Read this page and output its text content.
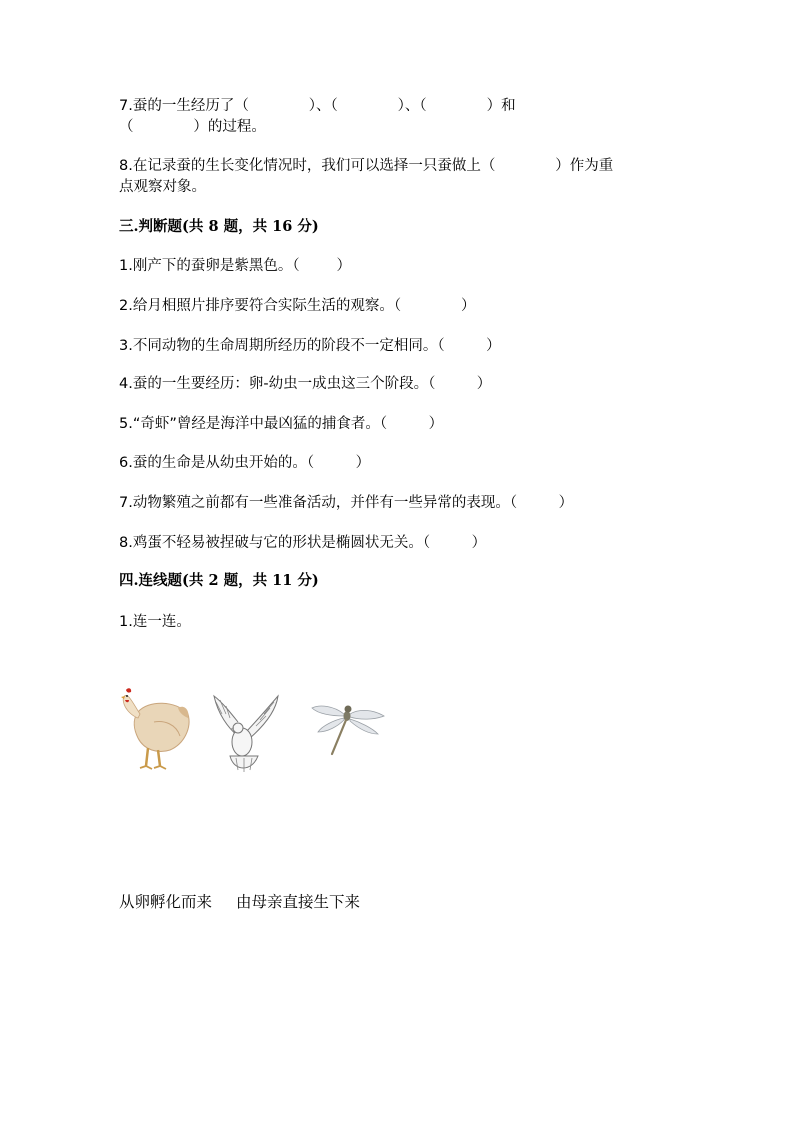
7.蚕的一生经历了（             ）、（             ）、（             ）和
（             ）的过程。
8.在记录蚕的生长变化情况时，我们可以选择一只蚕做上（             ）作为重
点观察对象。
三.判断题(共 8 题，共 16 分)
1.刚产下的蚕卵是紫黑色。（        ）
2.给月相照片排序要符合实际生活的观察。（             ）
3.不同动物的生命周期所经历的阶段不一定相同。（         ）
4.蚕的一生要经历：卵-幼虫一成虫这三个阶段。（         ）
5.“奇虾”曾经是海洋中最凶猛的捕食者。（         ）
6.蚕的生命是从幼虫开始的。（         ）
7.动物繁殖之前都有一些准备活动，并伴有一些异常的表现。（         ）
8.鸡蛋不轻易被捏破与它的形状是椭圆状无关。（         ）
四.连线题(共 2 题，共 11 分)
1.连一连。
从卵孵化而来 由母亲直接生下来
